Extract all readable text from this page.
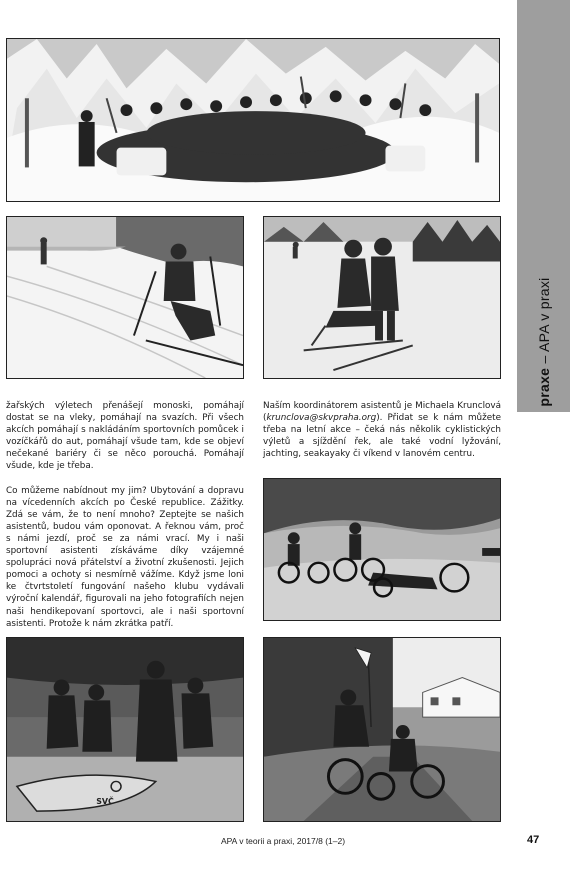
praxe – APA v praxi

žařských výletech přenášejí monoski, pomáhají dostat se na vleky, pomáhají na svazích. Při všech akcích pomáhají s nakládáním sportovních pomůcek i vozíčkářů do aut, pomáhají všude tam, kde se objeví nečekané bariéry či se něco porouchá. Pomáhají všude, kde je třeba.

Co můžeme nabídnout my jim? Ubytování a dopravu na vícedenních akcích po České republice. Zážitky. Zdá se vám, že to není mnoho? Zeptejte se našich asistentů, budou vám oponovat. A řeknou vám, proč s námi jezdí, proč se za námi vrací. My i naši sportovní asistenti získáváme díky vzájemné spolupráci nová přátelství a životní zkušenosti. Jejich pomoci a ochoty si nesmírně vážíme. Když jsme loni ke čtvrtstoletí fungování našeho klubu vydávali výroční kalendář, figurovali na jeho fotografiích nejen naši hendikepovaní sportovci, ale i naši sportovní asistenti. Protože k nám zkrátka patří.

Naším koordinátorem asistentů je Michaela Krunclová (krunclova@skvpraha.org). Přidat se k nám můžete třeba na letní akce – čeká nás několik cyklistických výletů a sjíždění řek, ale také vodní lyžování, jachting, seakayaky či víkend v lanovém centru.

SVČ
APA v teorii a praxi, 2017/8 (1–2)	47
